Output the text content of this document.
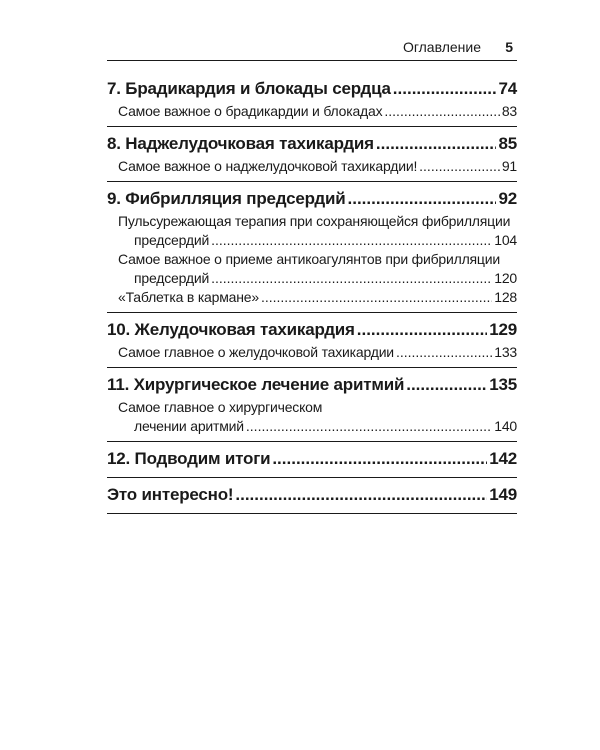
Оглавление 5
7. Брадикардия и блокады сердца .....	74
Самое важное о брадикардии и блокадах .....	83
8. Наджелудочковая тахикардия .....	85
Самое важное о наджелудочковой тахикардии! .....	91
9. Фибрилляция предсердий .....	92
Пульсурежающая терапия при сохраняющейся фибрилляции
предсердий .....	104
Самое важное о приеме антикоагулянтов при фибрилляции
предсердий .....	120
«Таблетка в кармане» .....	128
10. Желудочковая тахикардия .....	129
Самое главное о желудочковой тахикардии .....	133
11. Хирургическое лечение аритмий .....	135
Самое главное о хирургическом
лечении аритмий .....	140
12. Подводим итоги .....	142
Это интересно! .....	149
